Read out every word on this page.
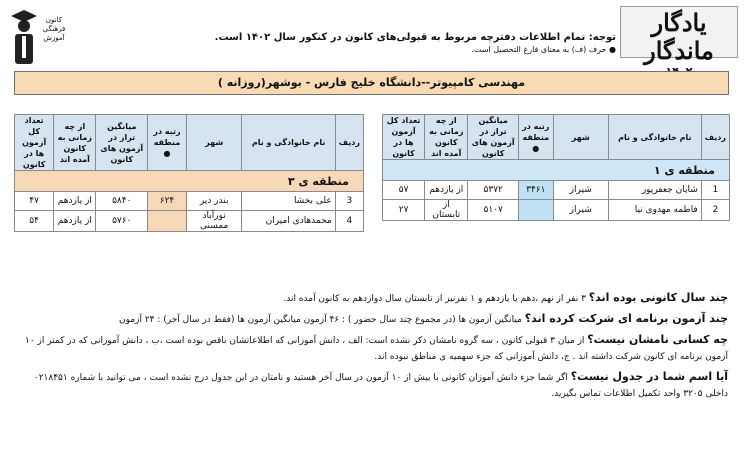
یادگار ماندگار
توجه: تمام اطلاعات دفترچه مربوط به قبولی‌های کانون در کنکور سال ۱۴۰۲ است.
● حرف (ف) به معنای فارغ التحصیل است.
کانون فرهنگی آموزش
مهندسی کامپیوتر--دانشگاه خلیج فارس - بوشهر(روزانه )
ردیف	نام خانوادگی و نام	شهر	رتبه در منطقه ●	میانگین تراز در آزمون های کانون	از چه زمانی به کانون آمده اند	تعداد کل آزمون ها در کانون
منطقه ی ۱						
1	شایان جعفرپور	شیراز	۳۴۶۱	۵۳۷۲	از یازدهم	۵۷
2	فاطمه مهدوی نیا	شیراز		۵۱۰۷	از تابستان	۲۷
ردیف	نام خانوادگی و نام	شهر	رتبه در منطقه ●	میانگین تراز در آزمون های کانون	از چه زمانی به کانون آمده اند	تعداد کل آزمون ها در کانون
منطقه ی ۳						
3	علی بخشا	بندر دیر	۶۲۴	۵۸۴۰	از یازدهم	۴۷
4	محمدهادی امیران	نورآباد ممسنی		۵۷۶۰	از یازدهم	۵۴
چند سال کانونی بوده اند؟ ۳ نفر از نهم ،دهم یا یازدهم و ۱ نفرنیز از تابستان سال دوازدهم به کانون آمده اند.
چند آزمون برنامه ای شرکت کرده اند؟ میانگین آزمون ها (در مجموع چند سال حضور ) : ۴۶ آزمون میانگین آزمون ها (فقط در سال آخر) : ۲۴ آزمون
چه کسانی نامشان نیست؟ از میان ۳ قبولی کانون ، سه گروه نامشان ذکر نشده است: الف ، دانش آموزانی که اطلاعاتشان ناقص بوده است ،ب ، دانش آموزانی که در کمتر از ۱۰ آزمون برنامه ای کانون شرکت داشته اند . ج، دانش آموزانی که جزء سهمیه ی مناطق نبوده اند.
آیا اسم شما در جدول نیست؟ اگر شما جزء دانش آموزان کانونی با بیش از ۱۰ آزمون در سال آخر هستید و نامتان در این جدول درج نشده است ، می توانید با شماره ۰۲۱۸۴۵۱ داخلی ۳۲۰۵ واحد تکمیل اطلاعات تماس بگیرید.
